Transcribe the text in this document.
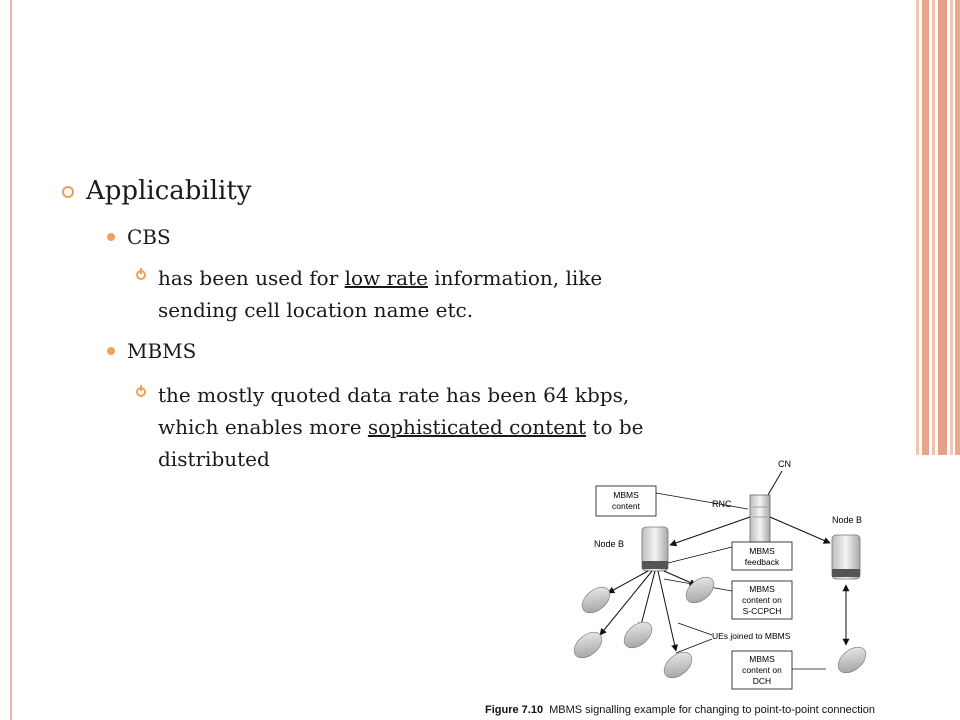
Applicability
CBS
has been used for low rate information, like
sending cell location name etc.
MBMS
the mostly quoted data rate has been 64 kbps,
which enables more sophisticated content to be
distributed	CN
RNC
MBMS
content
Node B
Node B
MBMS
feedback
MBMS
content on
S-CCPCH
UEs joined to MBMS
MBMS
content on
DCH
Figure 7.10 MBMS signalling example for changing to point-to-point connection
